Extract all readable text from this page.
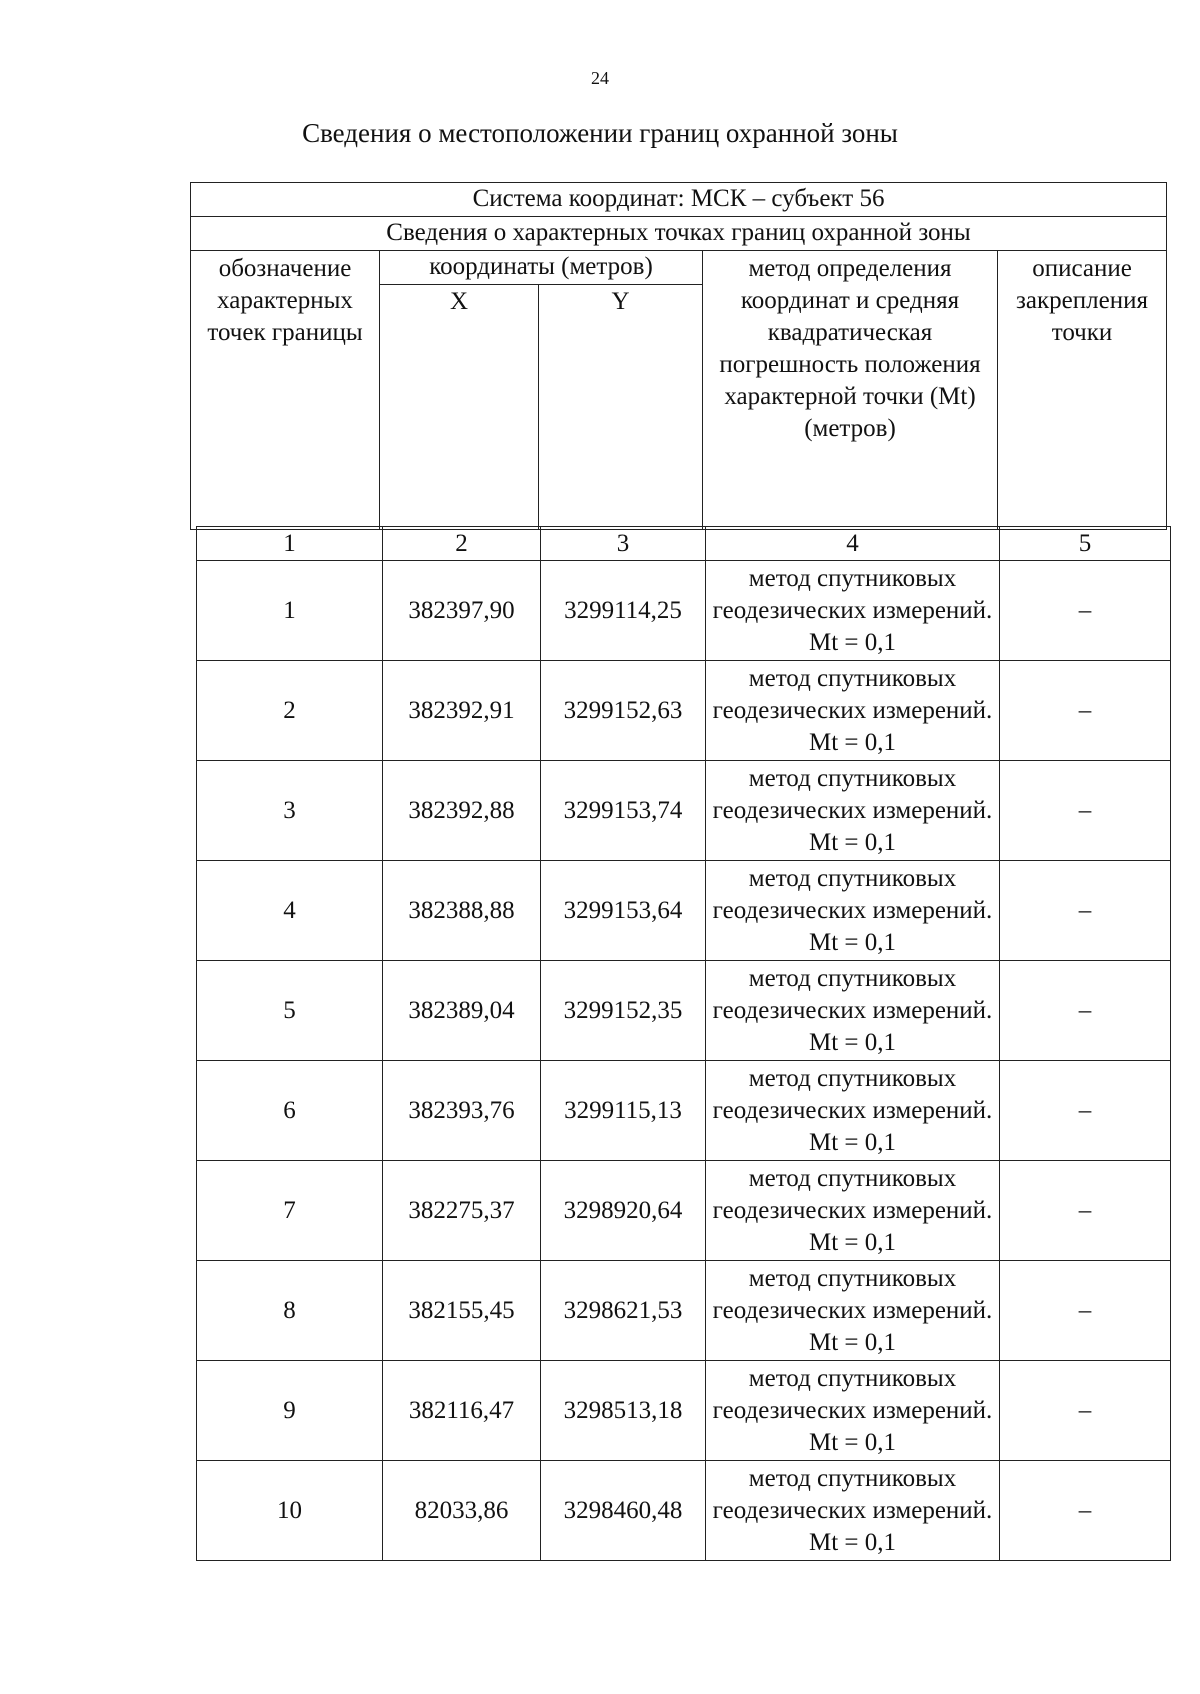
24
Сведения о местоположении границ охранной зоны
Система координат: МСК – субъект 56				
Сведения о характерных точках границ охранной зоны				
обозначение характерных точек границы	координаты (метров)		метод определения координат и средняя квадратическая погрешность положения характерной точки (Mt) (метров)	описание закрепления точки
	X	Y		
1	2	3	4	5
1	382397,90	3299114,25	метод спутниковых геодезических измерений. Mt = 0,1	–
2	382392,91	3299152,63	метод спутниковых геодезических измерений. Mt = 0,1	–
3	382392,88	3299153,74	метод спутниковых геодезических измерений. Mt = 0,1	–
4	382388,88	3299153,64	метод спутниковых геодезических измерений. Mt = 0,1	–
5	382389,04	3299152,35	метод спутниковых геодезических измерений. Mt = 0,1	–
6	382393,76	3299115,13	метод спутниковых геодезических измерений. Mt = 0,1	–
7	382275,37	3298920,64	метод спутниковых геодезических измерений. Mt = 0,1	–
8	382155,45	3298621,53	метод спутниковых геодезических измерений. Mt = 0,1	–
9	382116,47	3298513,18	метод спутниковых геодезических измерений. Mt = 0,1	–
10	82033,86	3298460,48	метод спутниковых геодезических измерений. Mt = 0,1	–
